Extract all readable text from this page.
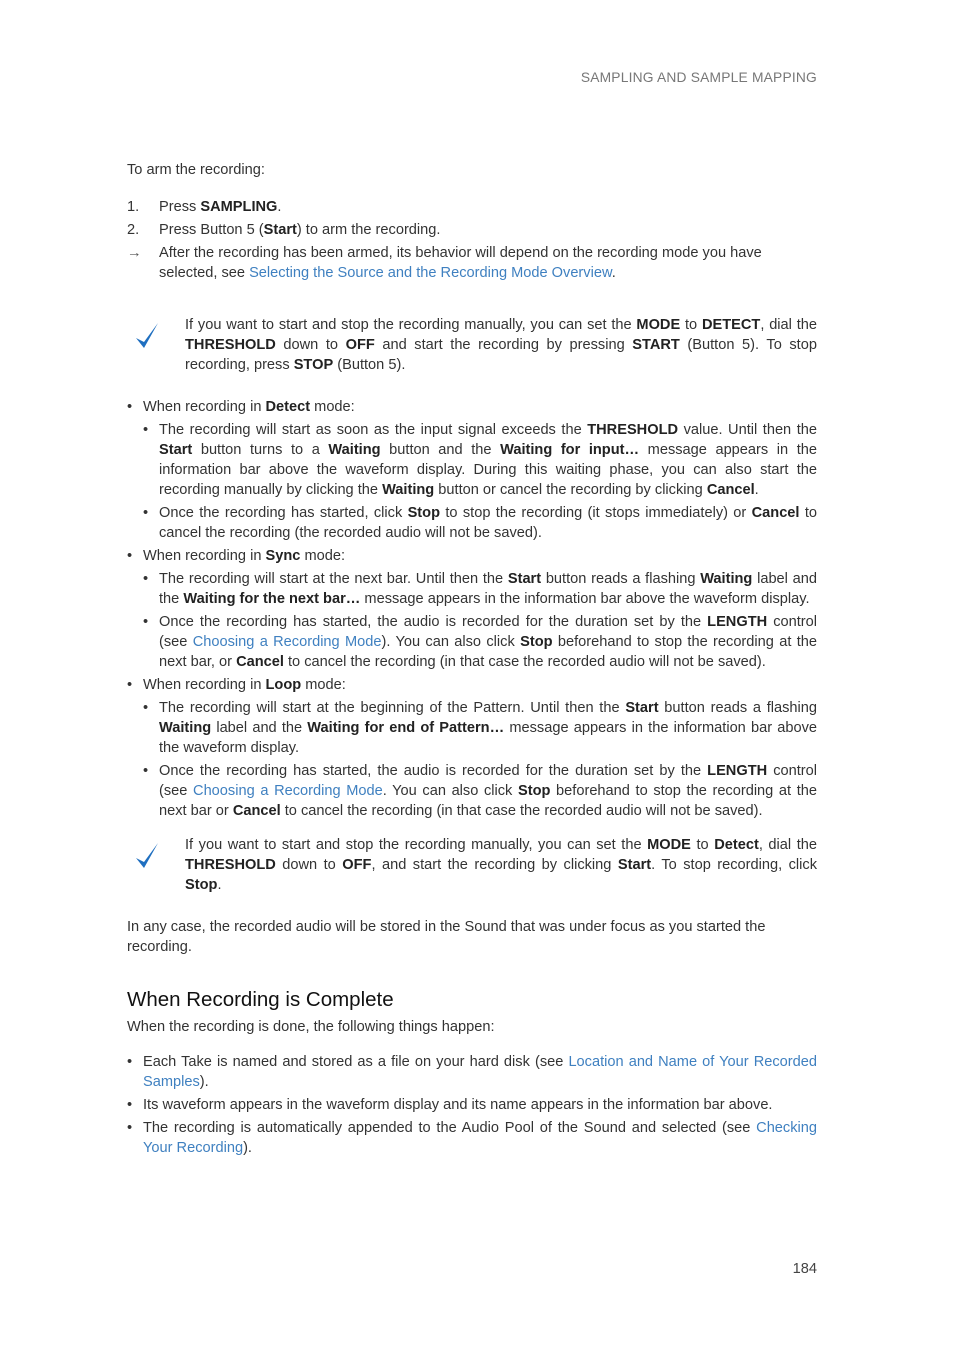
SAMPLING AND SAMPLE MAPPING

To arm the recording:

1. Press SAMPLING.
2. Press Button 5 (Start) to arm the recording.
→ After the recording has been armed, its behavior will depend on the recording mode you have selected, see Selecting the Source and the Recording Mode Overview.
If you want to start and stop the recording manually, you can set the MODE to DETECT, dial the THRESHOLD down to OFF and start the recording by pressing START (Button 5). To stop recording, press STOP (Button 5).
• When recording in Detect mode:
• The recording will start as soon as the input signal exceeds the THRESHOLD value. Until then the Start button turns to a Waiting button and the Waiting for input… message appears in the information bar above the waveform display. During this waiting phase, you can also start the recording manually by clicking the Waiting button or cancel the recording by clicking Cancel.
• Once the recording has started, click Stop to stop the recording (it stops immediately) or Cancel to cancel the recording (the recorded audio will not be saved).
• When recording in Sync mode:
• The recording will start at the next bar. Until then the Start button reads a flashing Waiting label and the Waiting for the next bar… message appears in the information bar above the waveform display.
• Once the recording has started, the audio is recorded for the duration set by the LENGTH control (see Choosing a Recording Mode). You can also click Stop beforehand to stop the recording at the next bar, or Cancel to cancel the recording (in that case the recorded audio will not be saved).
• When recording in Loop mode:
• The recording will start at the beginning of the Pattern. Until then the Start button reads a flashing Waiting label and the Waiting for end of Pattern… message appears in the information bar above the waveform display.
• Once the recording has started, the audio is recorded for the duration set by the LENGTH control (see Choosing a Recording Mode. You can also click Stop beforehand to stop the recording at the next bar or Cancel to cancel the recording (in that case the recorded audio will not be saved).
If you want to start and stop the recording manually, you can set the MODE to Detect, dial the THRESHOLD down to OFF, and start the recording by clicking Start. To stop recording, click Stop.

In any case, the recorded audio will be stored in the Sound that was under focus as you started the recording.

When Recording is Complete

When the recording is done, the following things happen:

• Each Take is named and stored as a file on your hard disk (see Location and Name of Your Recorded Samples).
• Its waveform appears in the waveform display and its name appears in the information bar above.
• The recording is automatically appended to the Audio Pool of the Sound and selected (see Checking Your Recording).
184
